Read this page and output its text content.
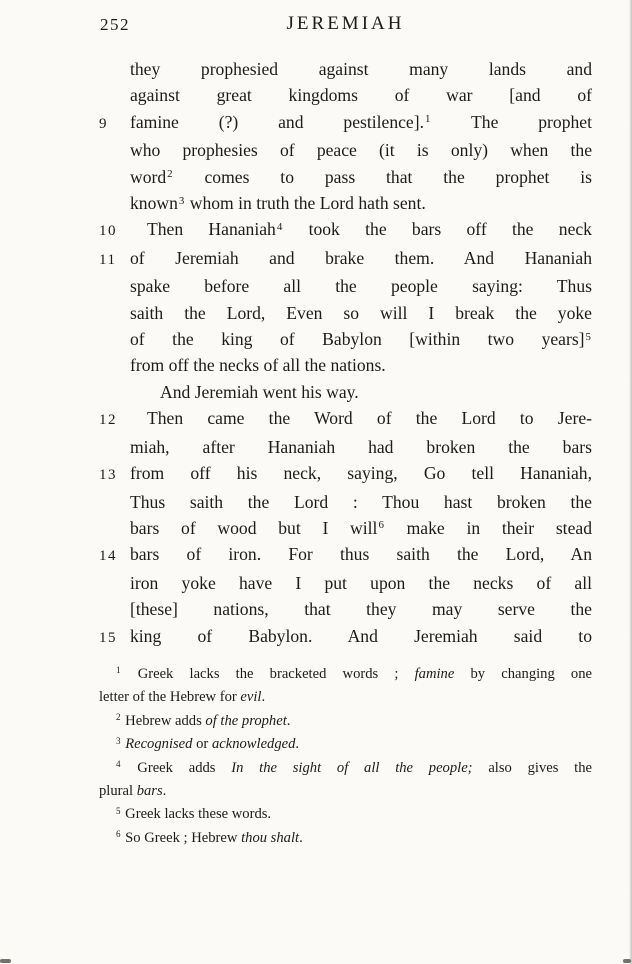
252	JEREMIAH
they prophesied against many lands and
against great kingdoms of war [and of
9	famine (?) and pestilence].$^1$ The prophet
who prophesies of peace (it is only) when the
word$^2$ comes to pass that the prophet is
known$^3$ whom in truth the Lord hath sent.
10	Then Hananiah$^4$ took the bars off the neck
11 of Jeremiah and brake them. And Hananiah
spake before all the people saying: Thus
saith the Lord, Even so will I break the yoke
of the king of Babylon [within two years]$^5$
from off the necks of all the nations.
And Jeremiah went his way.
12	Then came the Word of the Lord to Jere-
miah, after Hananiah had broken the bars
13 from off his neck, saying, Go tell Hananiah,
Thus saith the Lord : Thou hast broken the
bars of wood but I will$^6$ make in their stead
14 bars of iron. For thus saith the Lord, An
iron yoke have I put upon the necks of all
[these] nations, that they may serve the
15 king of Babylon. And Jeremiah said to
$^1$ Greek lacks the bracketed words ; famine by changing one
letter of the Hebrew for evil.
$^2$ Hebrew adds of the prophet.
$^3$ Recognised or acknowledged.
$^4$ Greek adds In the sight of all the people; also gives the
plural bars.
$^5$ Greek lacks these words.
$^6$ So Greek ; Hebrew thou shalt.
